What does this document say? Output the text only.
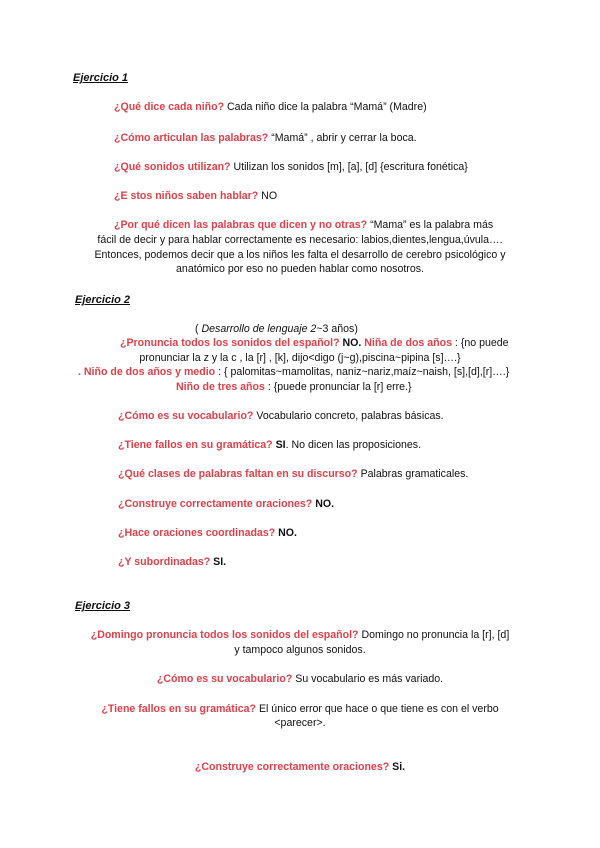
Ejercicio 1
¿Qué dice cada niño? Cada niño dice la palabra “Mamá” (Madre)
¿Cómo articulan las palabras? “Mamá” , abrir y cerrar la boca.
¿Qué sonidos utilizan? Utilizan los sonidos [m], [a], [d] {escritura fonética}
¿E stos niños saben hablar? NO
¿Por qué dicen las palabras que dicen y no otras? “Mama” es la palabra más
fácil de decir y para hablar correctamente es necesario: labios,dientes,lengua,úvula….
Entonces, podemos decir que a los niños les falta el desarrollo de cerebro psicológico y
anatómico por eso no pueden hablar como nosotros.
Ejercicio 2
( Desarrollo de lenguaje 2~3 años)
¿Pronuncia todos los sonidos del español? NO. Niña de dos años : {no puede
pronunciar la z y la c , la [r] , [k], dijo<digo (j~g),piscina~pipina [s]….}
. Niño de dos años y medio : { palomitas~mamolitas, naniz~nariz,maíz~naish, [s],[d],[r]….}
Niño de tres años : {puede pronunciar la [r] erre.}
¿Cómo es su vocabulario? Vocabulario concreto, palabras básicas.
¿Tiene fallos en su gramática? SI. No dicen las proposiciones.
¿Qué clases de palabras faltan en su discurso? Palabras gramaticales.
¿Construye correctamente oraciones? NO.
¿Hace oraciones coordinadas? NO.
¿Y subordinadas? SI.
Ejercicio 3
¿Domingo pronuncia todos los sonidos del español? Domingo no pronuncia la [r], [d]
y tampoco algunos sonidos.
¿Cómo es su vocabulario? Su vocabulario es más variado.
¿Tiene fallos en su gramática? El único error que hace o que tiene es con el verbo
<parecer>.
¿Construye correctamente oraciones? Si.
